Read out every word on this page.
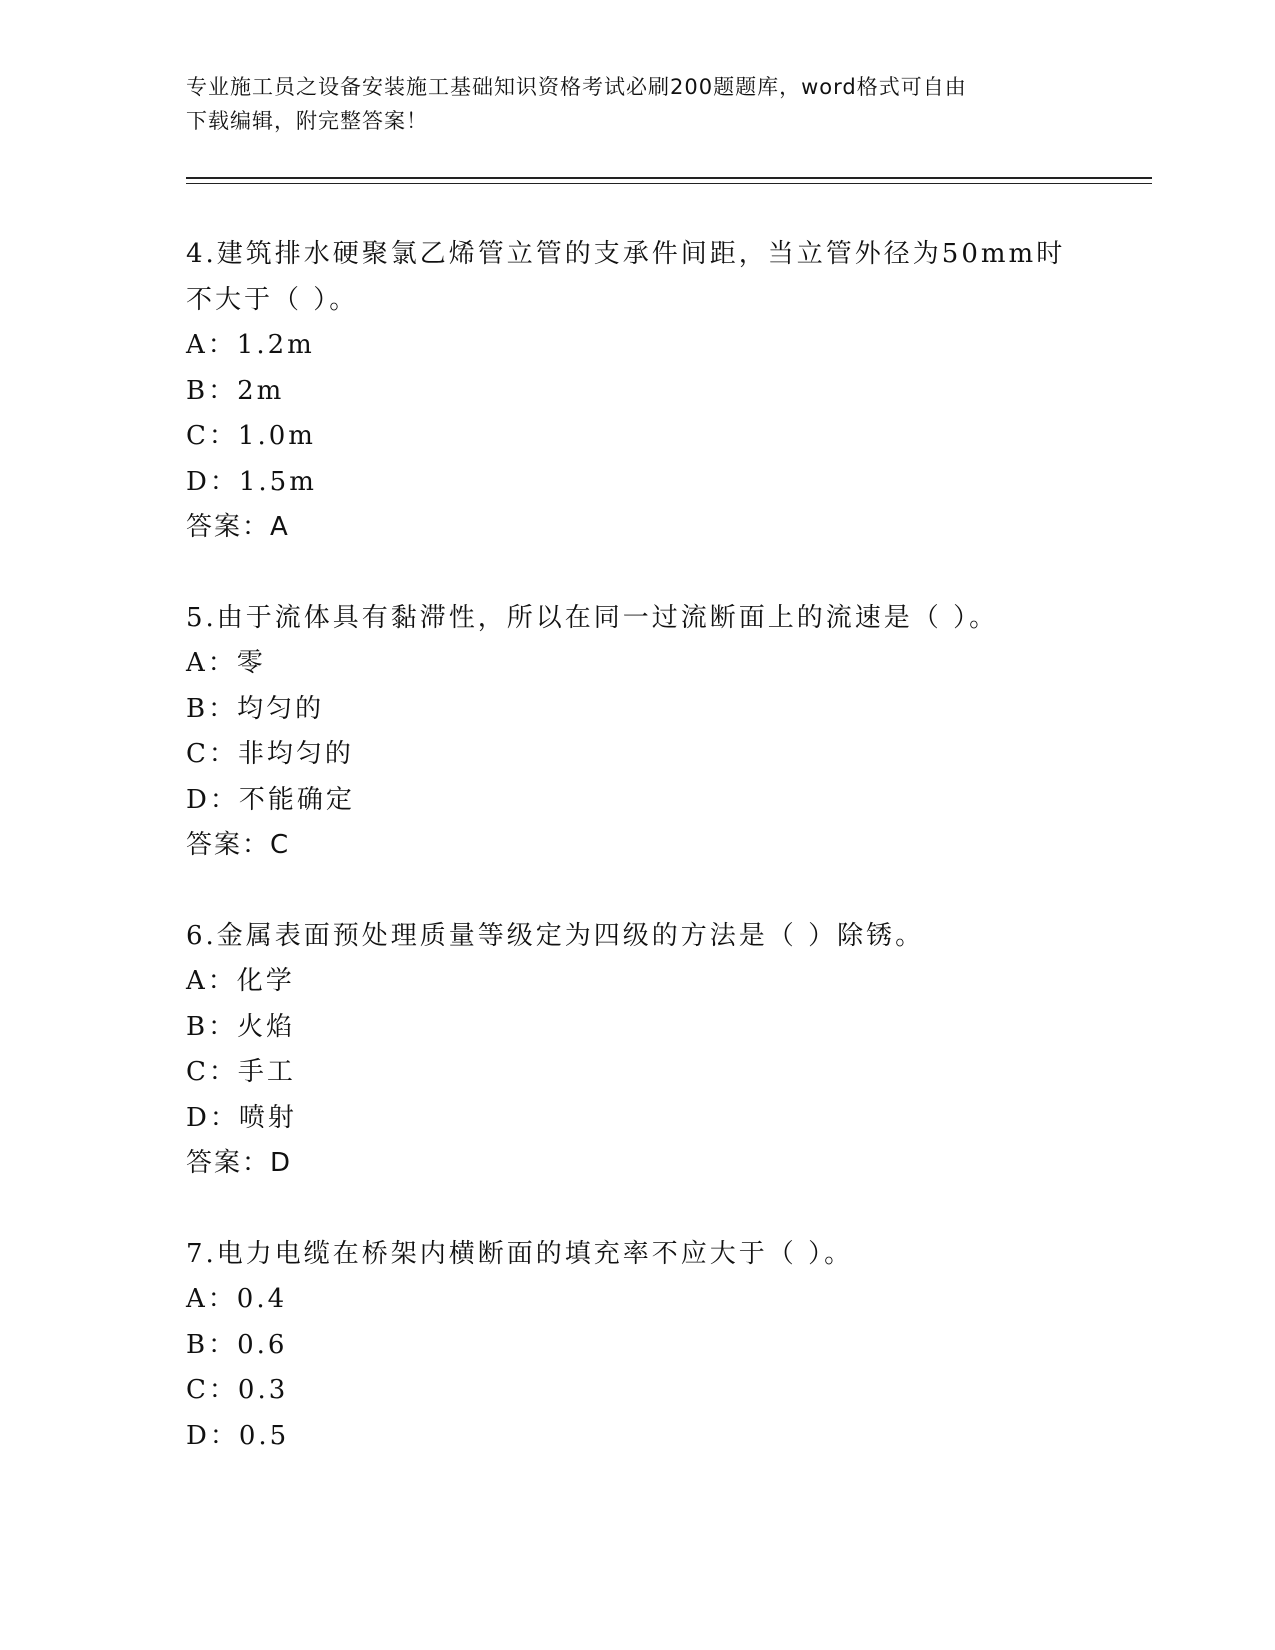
专业施工员之设备安装施工基础知识资格考试必刷200题题库，word格式可自由
下载编辑，附完整答案！
4.建筑排水硬聚氯乙烯管立管的支承件间距，当立管外径为50mm时不大于（ ）。
A：1.2m
B：2m
C：1.0m
D：1.5m
答案：A
5.由于流体具有黏滞性，所以在同一过流断面上的流速是（ ）。
A：零
B：均匀的
C：非均匀的
D：不能确定
答案：C
6.金属表面预处理质量等级定为四级的方法是（ ）除锈。
A：化学
B：火焰
C：手工
D：喷射
答案：D
7.电力电缆在桥架内横断面的填充率不应大于（ ）。
A：0.4
B：0.6
C：0.3
D：0.5
